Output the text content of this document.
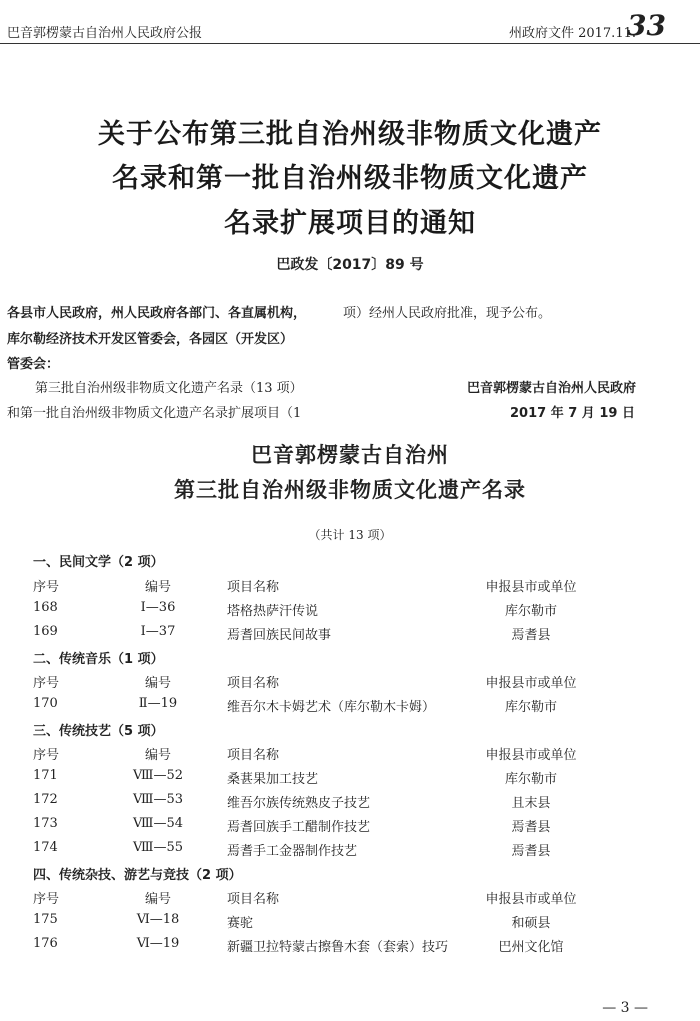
巴音郭楞蒙古自治州人民政府公报	州政府文件 2017.11.
33
关于公布第三批自治州级非物质文化遗产
名录和第一批自治州级非物质文化遗产
名录扩展项目的通知
巴政发〔2017〕89 号
各县市人民政府，州人民政府各部门、各直属机构，
库尔勒经济技术开发区管委会，各园区（开发区）
管委会：
项）经州人民政府批准，现予公布。
第三批自治州级非物质文化遗产名录（13 项）
和第一批自治州级非物质文化遗产名录扩展项目（1
巴音郭楞蒙古自治州人民政府
2017 年 7 月 19 日
巴音郭楞蒙古自治州
第三批自治州级非物质文化遗产名录
（共计 13 项）
一、民间文学（2 项）
序号	编号	项目名称	申报县市或单位
168	Ⅰ—36	塔格热萨汗传说	库尔勒市
169	Ⅰ—37	焉耆回族民间故事	焉耆县
二、传统音乐（1 项）
序号	编号	项目名称	申报县市或单位
170	Ⅱ—19	维吾尔木卡姆艺术（库尔勒木卡姆）	库尔勒市
三、传统技艺（5 项）
序号	编号	项目名称	申报县市或单位
171	Ⅷ—52	桑葚果加工技艺	库尔勒市
172	Ⅷ—53	维吾尔族传统熟皮子技艺	且末县
173	Ⅷ—54	焉耆回族手工醋制作技艺	焉耆县
174	Ⅷ—55	焉耆手工金器制作技艺	焉耆县
四、传统杂技、游艺与竞技（2 项）
序号	编号	项目名称	申报县市或单位
175	Ⅵ—18	赛驼	和硕县
176	Ⅵ—19	新疆卫拉特蒙古擦鲁木套（套索）技巧	巴州文化馆
— 3 —
